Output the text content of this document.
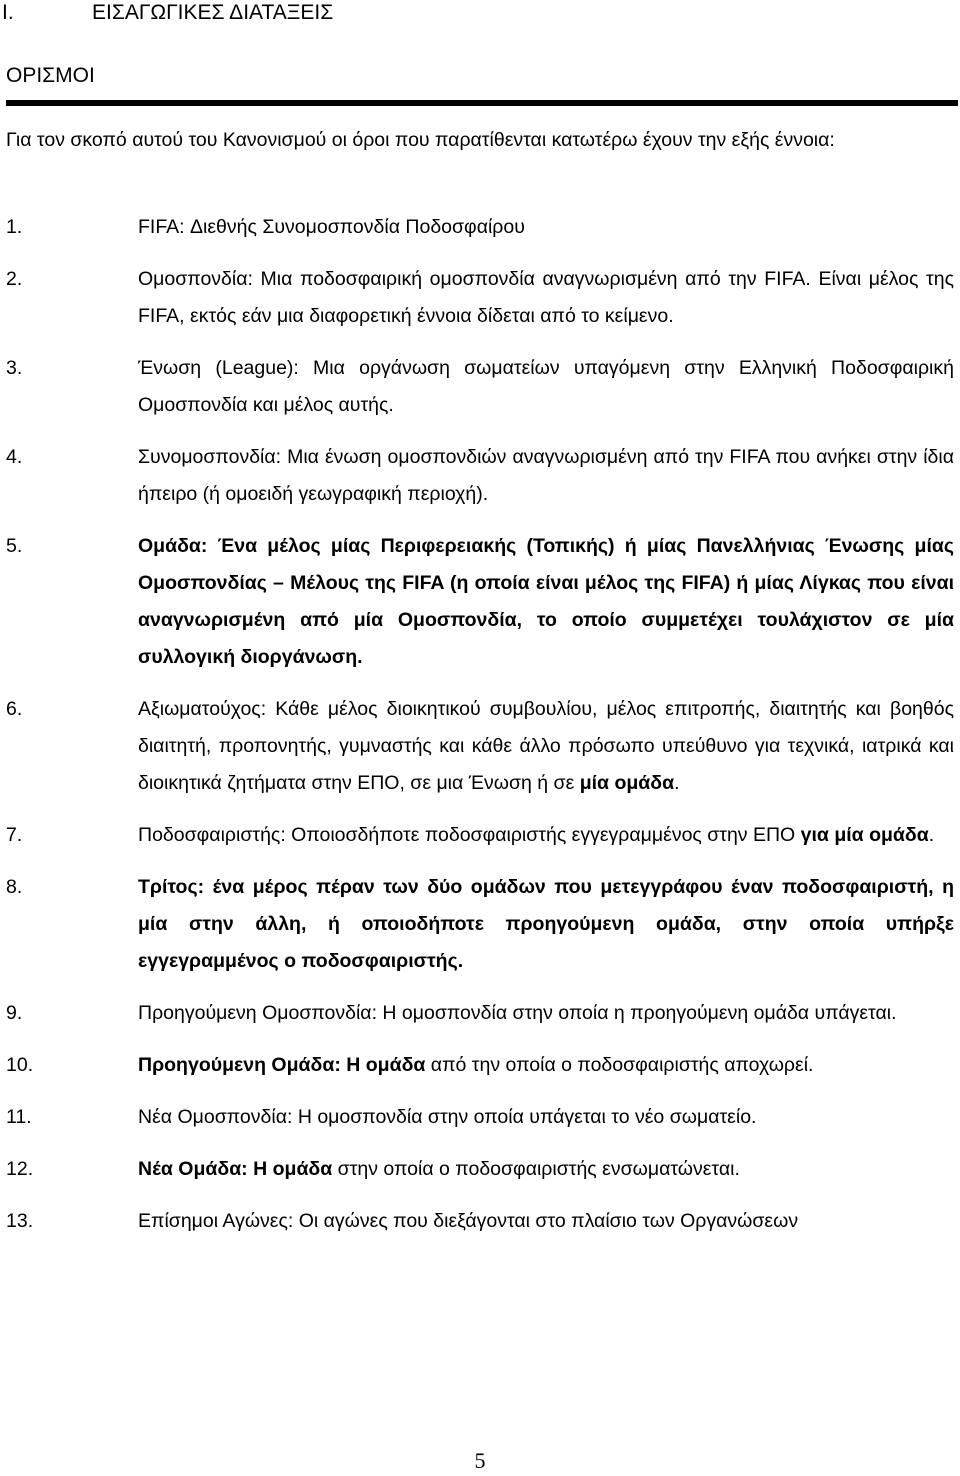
I.	ΕΙΣΑΓΩΓΙΚΕΣ ΔΙΑΤΑΞΕΙΣ
ΟΡΙΣΜΟΙ

Για τον σκοπό αυτού του Κανονισμού οι όροι που παρατίθενται κατωτέρω έχουν την εξής έννοια:

1.	FIFA: Διεθνής Συνομοσπονδία Ποδοσφαίρου
2.	Ομοσπονδία: Μια ποδοσφαιρική ομοσπονδία αναγνωρισμένη από την FIFA. Είναι μέλος της FIFA, εκτός εάν μια διαφορετική έννοια δίδεται από το κείμενο.
3.	Ένωση (League): Μια οργάνωση σωματείων υπαγόμενη στην Ελληνική Ποδοσφαιρική Ομοσπονδία και μέλος αυτής.
4.	Συνομοσπονδία: Μια ένωση ομοσπονδιών αναγνωρισμένη από την FIFA που ανήκει στην ίδια ήπειρο (ή ομοειδή γεωγραφική περιοχή).
5.	Ομάδα: Ένα μέλος μίας Περιφερειακής (Τοπικής) ή μίας Πανελλήνιας Ένωσης μίας Ομοσπονδίας – Μέλους της FIFA (η οποία είναι μέλος της FIFA) ή μίας Λίγκας που είναι αναγνωρισμένη από μία Ομοσπονδία, το οποίο συμμετέχει τουλάχιστον σε μία συλλογική διοργάνωση.
6.	Αξιωματούχος: Κάθε μέλος διοικητικού συμβουλίου, μέλος επιτροπής, διαιτητής και βοηθός διαιτητή, προπονητής, γυμναστής και κάθε άλλο πρόσωπο υπεύθυνο για τεχνικά, ιατρικά και διοικητικά ζητήματα στην ΕΠΟ, σε μια Ένωση ή σε μία ομάδα.
7.	Ποδοσφαιριστής: Οποιοσδήποτε ποδοσφαιριστής εγγεγραμμένος στην ΕΠΟ για μία ομάδα.
8.	Τρίτος: ένα μέρος πέραν των δύο ομάδων που μετεγγράφου έναν ποδοσφαιριστή, η μία στην άλλη, ή οποιοδήποτε προηγούμενη ομάδα, στην οποία υπήρξε εγγεγραμμένος ο ποδοσφαιριστής.
9.	Προηγούμενη Ομοσπονδία: Η ομοσπονδία στην οποία η προηγούμενη ομάδα υπάγεται.
10.	Προηγούμενη Ομάδα: Η ομάδα από την οποία ο ποδοσφαιριστής αποχωρεί.
11.	Νέα Ομοσπονδία: Η ομοσπονδία στην οποία υπάγεται το νέο σωματείο.
12.	Νέα Ομάδα: Η ομάδα στην οποία ο ποδοσφαιριστής ενσωματώνεται.
13.	Επίσημοι Αγώνες: Οι αγώνες που διεξάγονται στο πλαίσιο των Οργανώσεων
5
